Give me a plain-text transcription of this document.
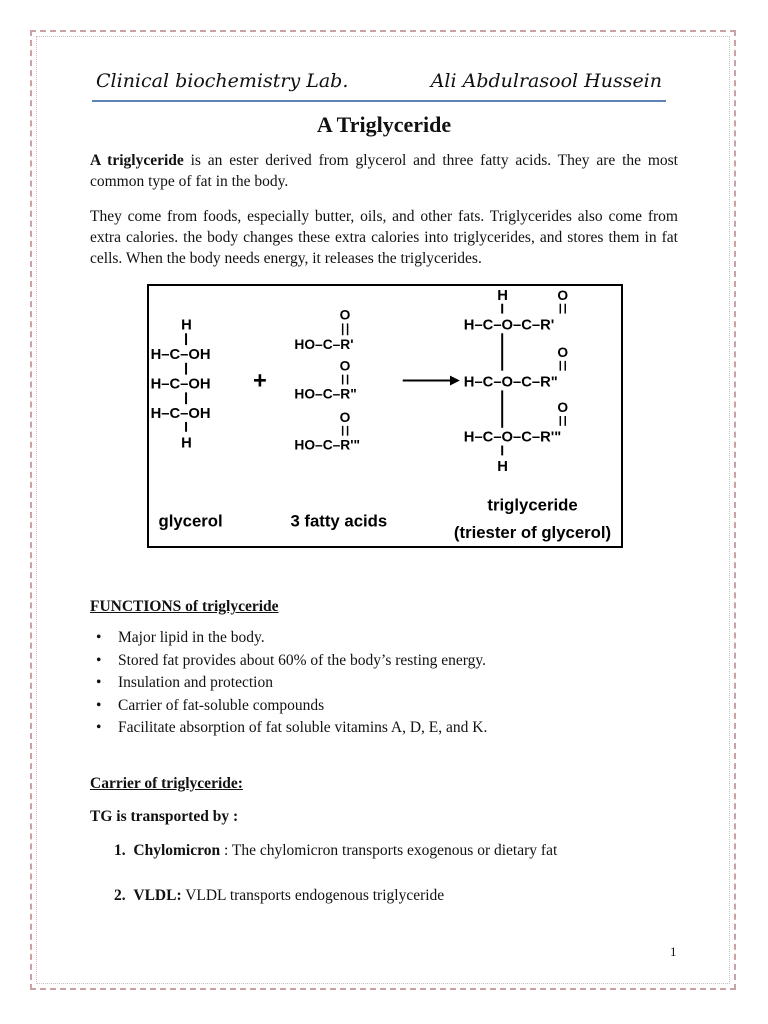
Clinical biochemistry Lab.	Ali Abdulrasool Hussein
A Triglyceride
A triglyceride is an ester derived from glycerol and three fatty acids. They are the most common type of fat in the body.
They come from foods, especially butter, oils, and other fats. Triglycerides also come from extra calories. the body changes these extra calories into triglycerides, and stores them in fat cells. When the body needs energy, it releases the triglycerides.
H
H–C–OH
H–C–OH
H–C–OH
H
+
O
HO–C–R'
O
HO–C–R"
O
HO–C–R'"
H
H–C–O–C–R'
O
O
H–C–O–C–R"
O
H–C–O–C–R'"
H
glycerol	3 fatty acids
triglyceride
(triester of glycerol)
FUNCTIONS of triglyceride
• Major lipid in the body.
• Stored fat provides about 60% of the body’s resting energy.
• Insulation and protection
• Carrier of fat-soluble compounds
• Facilitate absorption of fat soluble vitamins A, D, E, and K.
Carrier of triglyceride:
TG is transported by :
1. Chylomicron : The chylomicron transports exogenous or dietary fat
2. VLDL: VLDL transports endogenous triglyceride
1
